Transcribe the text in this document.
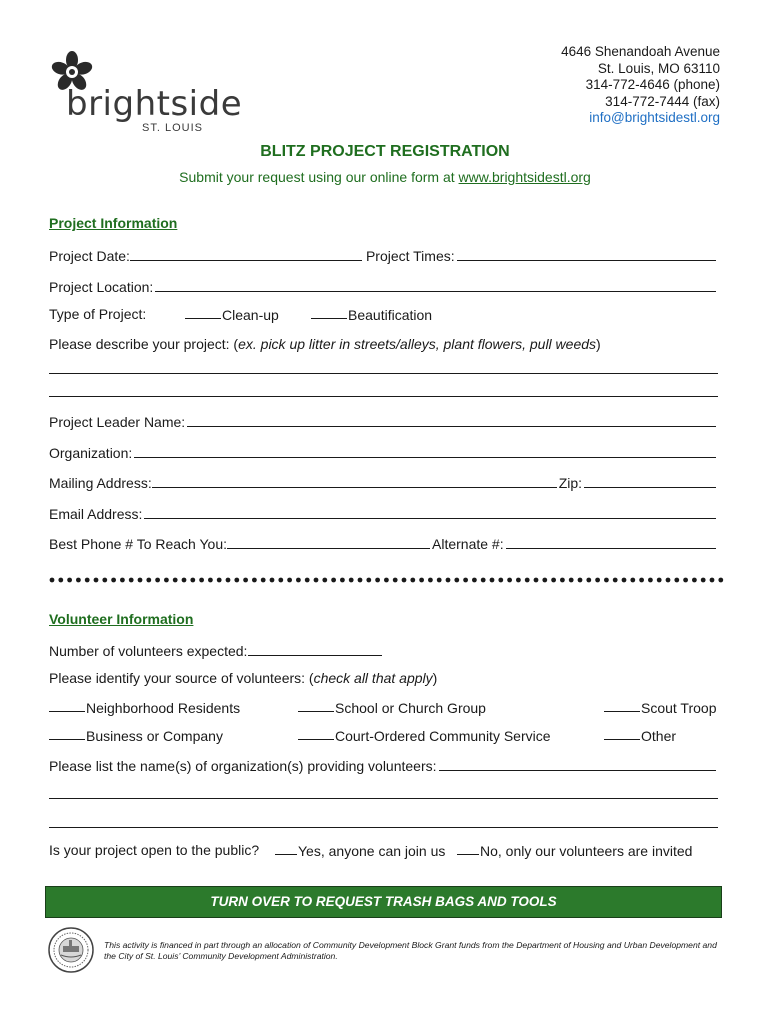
brightside
ST. LOUIS
4646 Shenandoah Avenue
St. Louis, MO 63110
314-772-4646 (phone)
314-772-7444 (fax)
info@brightsidestl.org
BLITZ PROJECT REGISTRATION
Submit your request using our online form at www.brightsidestl.org
Project Information
Project Date:	Project Times:
Project Location:
Type of Project:	Clean-up	Beautification
Please describe your project: (ex. pick up litter in streets/alleys, plant flowers, pull weeds)
Project Leader Name:
Organization:
Mailing Address:	Zip:
Email Address:
Best Phone # To Reach You:	Alternate #:
Volunteer Information
Number of volunteers expected:
Please identify your source of volunteers: (check all that apply)
Neighborhood Residents	School or Church Group	Scout Troop
Business or Company	Court-Ordered Community Service	Other
Please list the name(s) of organization(s) providing volunteers:
Is your project open to the public?	Yes, anyone can join us	No, only our volunteers are invited
TURN OVER TO REQUEST TRASH BAGS AND TOOLS
This activity is financed in part through an allocation of Community Development Block Grant funds from the Department of Housing and Urban Development and the City of St. Louis’ Community Development Administration.
